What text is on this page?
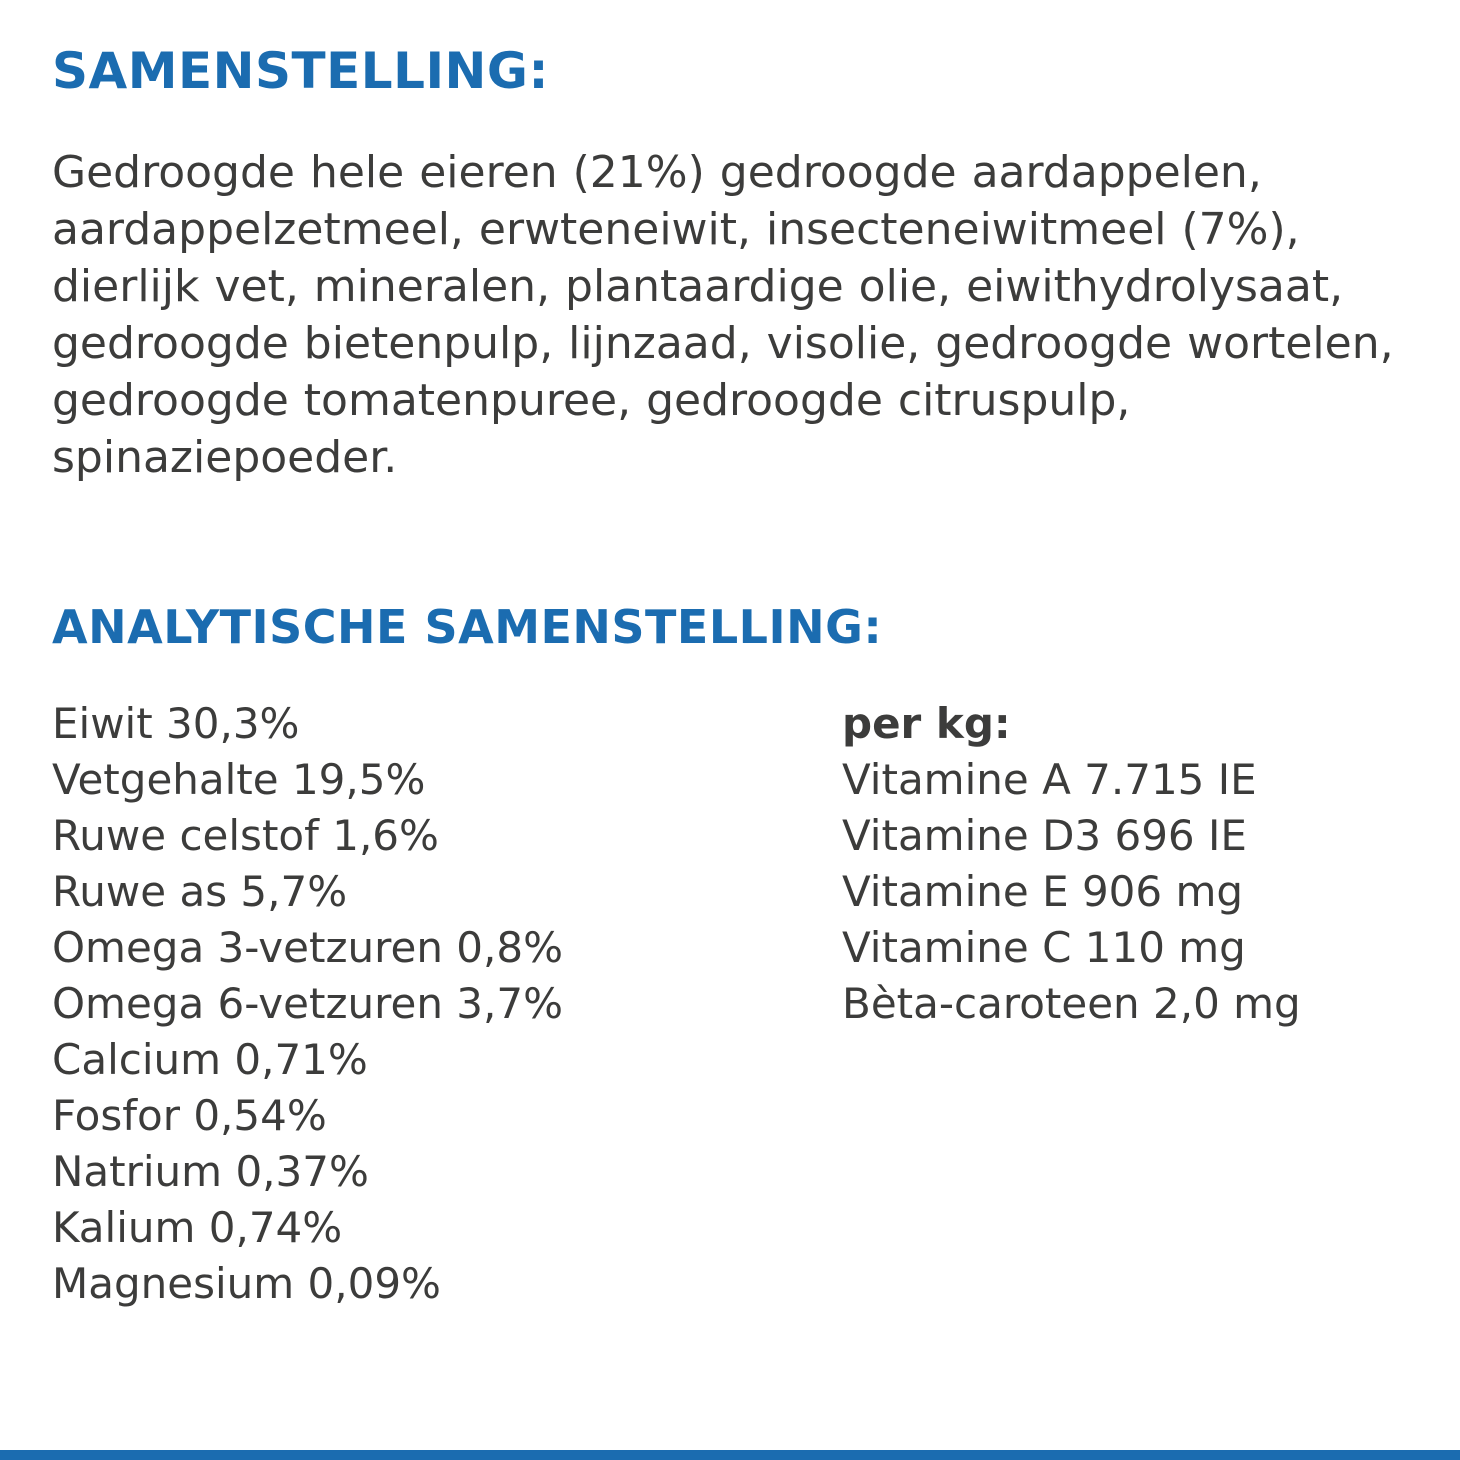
SAMENSTELLING:

Gedroogde hele eieren (21%) gedroogde aardappelen, aardappelzetmeel, erwteneiwit, insecteneiwitmeel (7%), dierlijk vet, mineralen, plantaardige olie, eiwithydrolysaat, gedroogde bietenpulp, lijnzaad, visolie, gedroogde wortelen, gedroogde tomatenpuree, gedroogde citruspulp, spinaziepoeder.

ANALYTISCHE SAMENSTELLING:
Eiwit 30,3%
Vetgehalte 19,5%
Ruwe celstof 1,6%
Ruwe as 5,7%
Omega 3-vetzuren 0,8%
Omega 6-vetzuren 3,7%
Calcium 0,71%
Fosfor 0,54%
Natrium 0,37%
Kalium 0,74%
Magnesium 0,09%
per kg:
Vitamine A 7.715 IE
Vitamine D3 696 IE
Vitamine E 906 mg
Vitamine C 110 mg
Bèta-caroteen 2,0 mg
